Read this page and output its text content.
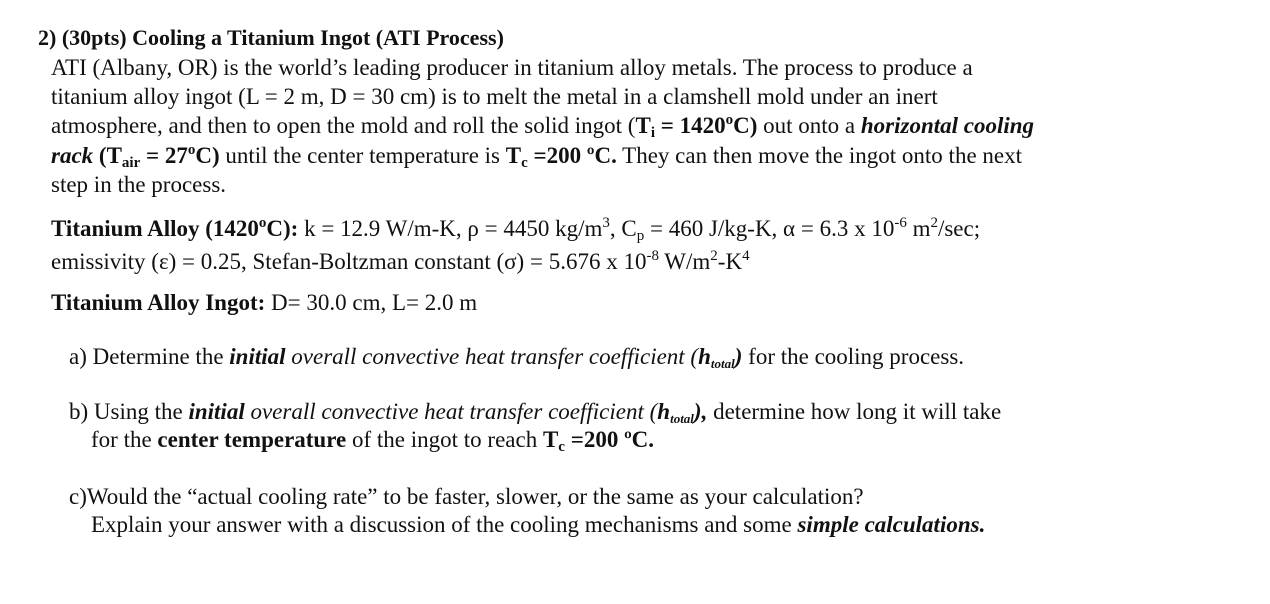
2) (30pts) Cooling a Titanium Ingot (ATI Process)
ATI (Albany, OR) is the world’s leading producer in titanium alloy metals. The process to produce a
titanium alloy ingot (L = 2 m, D = 30 cm) is to melt the metal in a clamshell mold under an inert
atmosphere, and then to open the mold and roll the solid ingot $(T_i = 1420^oC)$ out onto a horizontal cooling
rack $(T_{air} = 27^oC)$ until the center temperature is $T_c =200$ ºC. They can then move the ingot onto the next
step in the process.
Titanium Alloy (1420$^o$C): k = 12.9 W/m-K, ρ = 4450 $kg/m^3$, $C_p = 460$ J/kg-K, α = 6.3 x $10^{-6}$ $m^2/\sec$;
emissivity (ε) = 0.25, Stefan-Boltzman constant (σ) = 5.676 x $10^{-8}$ $W/m^2-K^4$
Titanium Alloy Ingot: D= 30.0 cm, L= 2.0 m
a) Determine the initial overall convective heat transfer coefficient $(h_{total})$ for the cooling process.
b) Using the initial overall convective heat transfer coefficient $(h_{total})$, determine how long it will take
for the center temperature of the ingot to reach $T_c =200$ ºC.
c)Would the “actual cooling rate” to be faster, slower, or the same as your calculation?
Explain your answer with a discussion of the cooling mechanisms and some simple calculations.
